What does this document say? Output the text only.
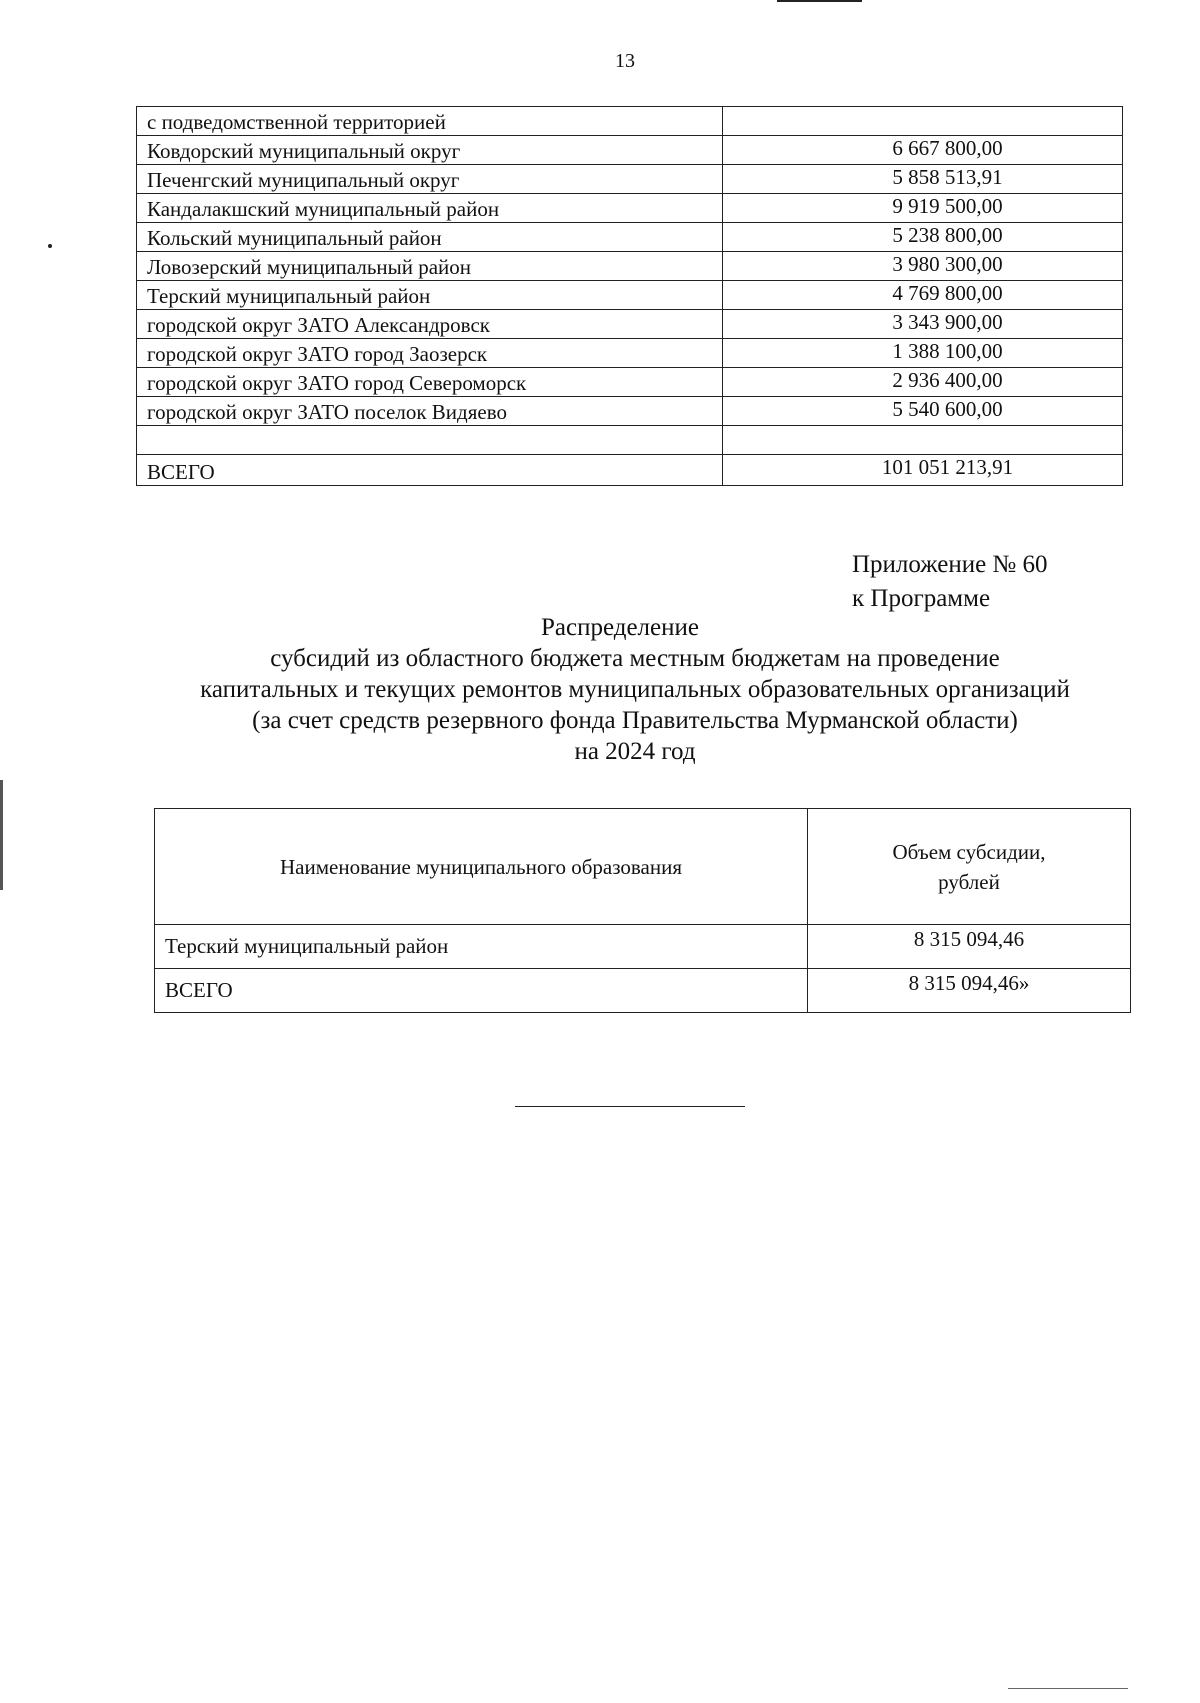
13
с подведомственной территорией	
Ковдорский муниципальный округ	6 667 800,00
Печенгский муниципальный округ	5 858 513,91
Кандалакшский муниципальный район	9 919 500,00
Кольский муниципальный район	5 238 800,00
Ловозерский муниципальный район	3 980 300,00
Терский муниципальный район	4 769 800,00
городской округ ЗАТО Александровск	3 343 900,00
городской округ ЗАТО город Заозерск	1 388 100,00
городской округ ЗАТО город Североморск	2 936 400,00
городской округ ЗАТО поселок Видяево	5 540 600,00

ВСЕГО	101 051 213,91
Приложение № 60
к Программе
Распределение
субсидий из областного бюджета местным бюджетам на проведение
капитальных и текущих ремонтов муниципальных образовательных организаций
(за счет средств резервного фонда Правительства Мурманской области)
на 2024 год
Наименование муниципального образования	Объем субсидии,
рублей

Терский муниципальный район	8 315 094,46
ВСЕГО	8 315 094,46»
